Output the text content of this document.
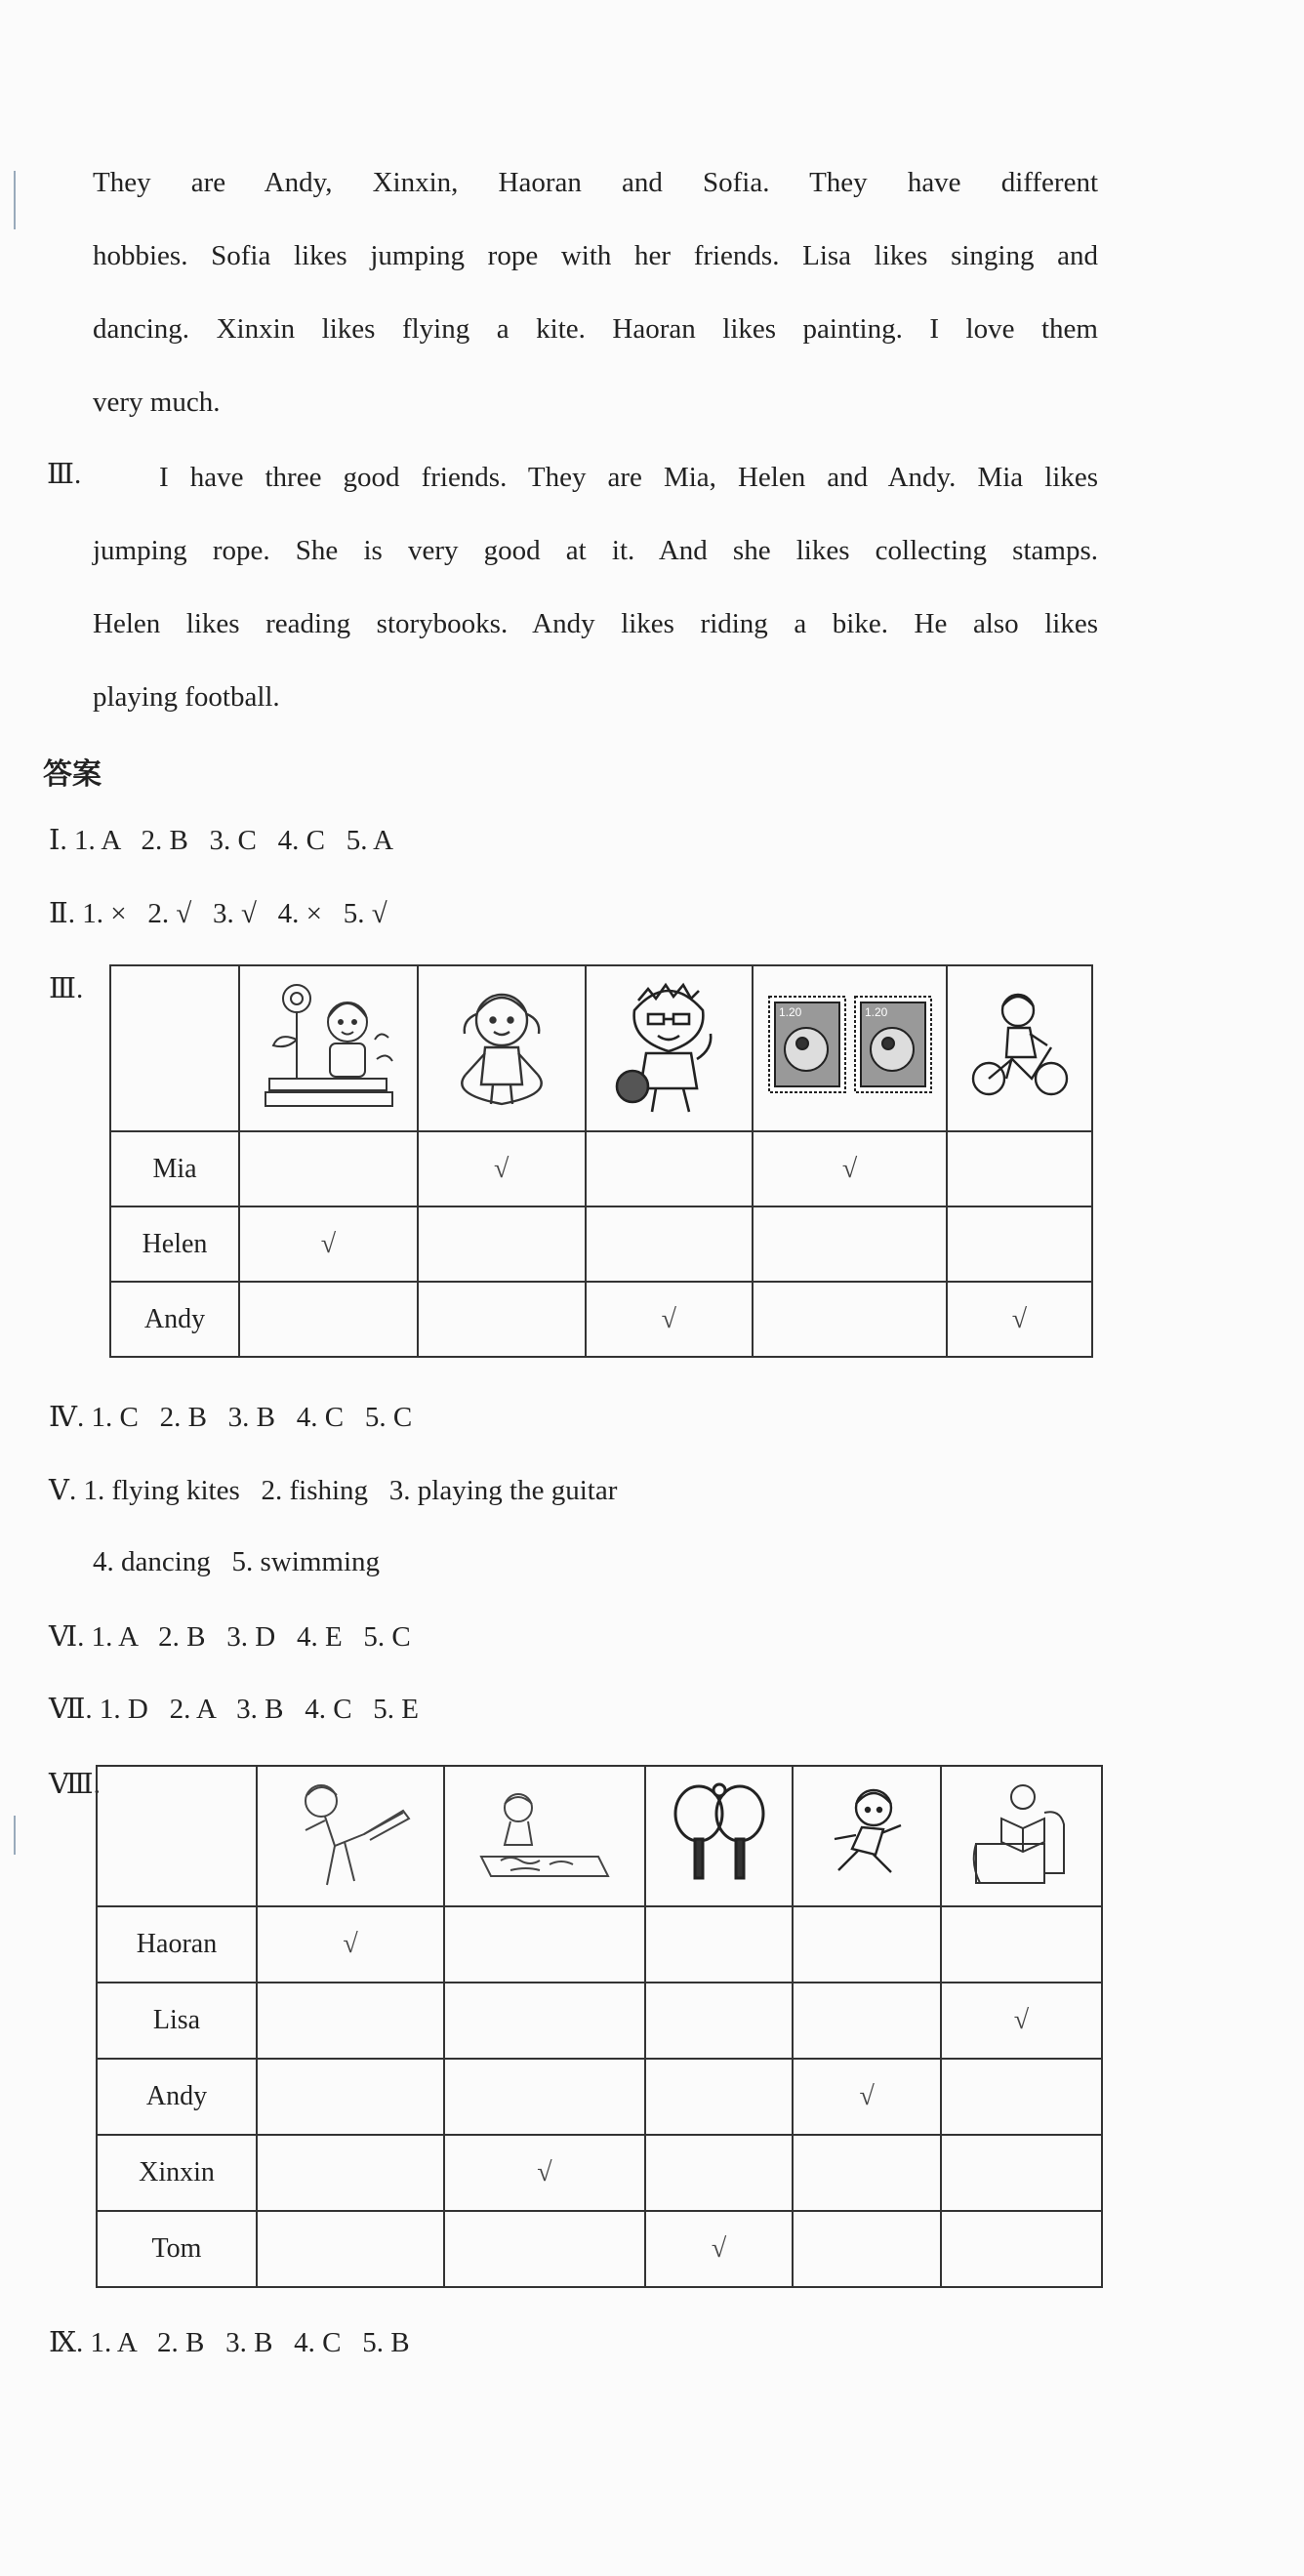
They are Andy, Xinxin, Haoran and Sofia. They have different
hobbies. Sofia likes jumping rope with her friends. Lisa likes singing and
dancing. Xinxin likes flying a kite. Haoran likes painting. I love them
very much.
Ⅲ.	I have three good friends. They are Mia, Helen and Andy. Mia likes
jumping rope. She is very good at it. And she likes collecting stamps.
Helen likes reading storybooks. Andy likes riding a bike. He also likes
playing football.
答案
Ⅰ. 1. A   2. B   3. C   4. C   5. A
Ⅱ. 1. ×   2. √   3. √   4. ×   5. √
Ⅲ.

1.20 1.20

Mia		√		√	
Helen	√				
Andy			√		√
Ⅳ. 1. C   2. B   3. B   4. C   5. C
Ⅴ. 1. flying kites   2. fishing   3. playing the guitar
4. dancing   5. swimming
Ⅵ. 1. A   2. B   3. D   4. E   5. C
Ⅶ. 1. D   2. A   3. B   4. C   5. E
Ⅷ.

Haoran	√				
Lisa					√
Andy				√	
Xinxin		√			
Tom			√		
Ⅸ. 1. A   2. B   3. B   4. C   5. B
